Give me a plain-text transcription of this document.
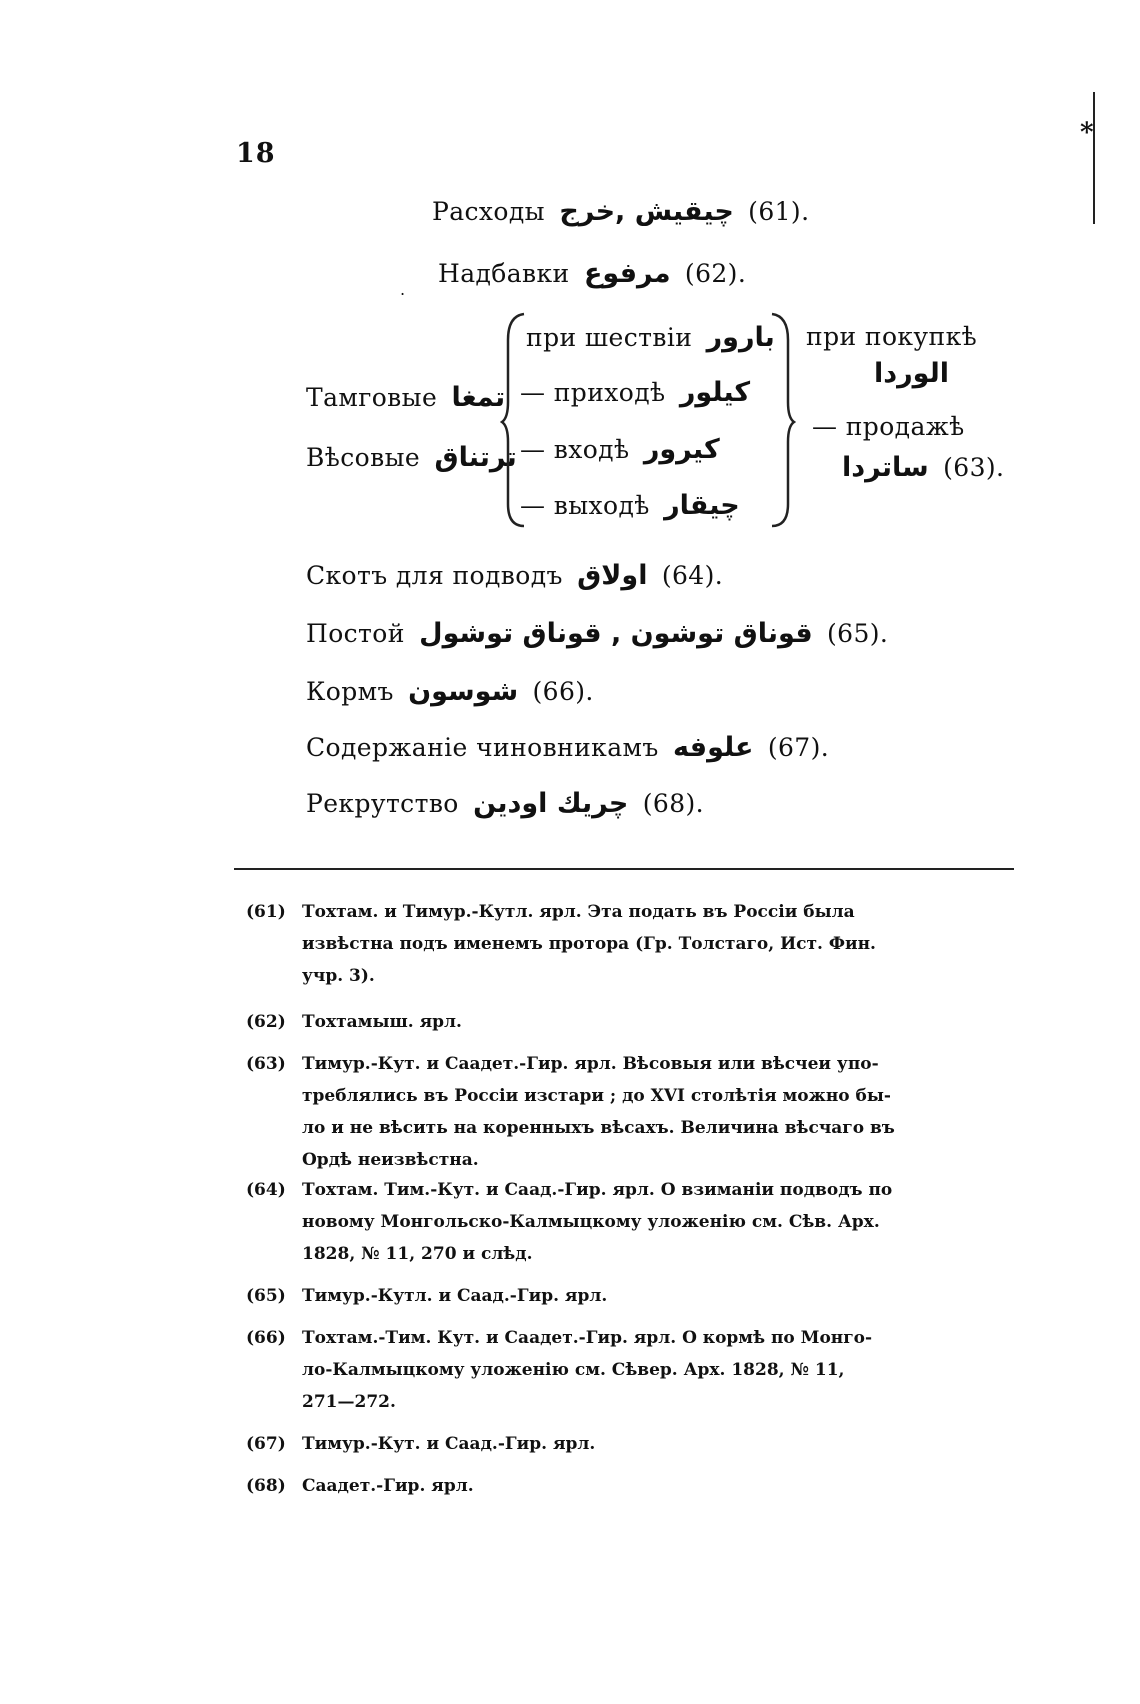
18
*
Расходы چيقيش ,خرج (61).
.
Надбавки مرفوع (62).
Тамговые تمغا
Вѣсовые ترتناق
при шествіи بارور
— приходѣ كيلور
— входѣ كيرور
— выходѣ چيقار
при покупкѣ
الوردا
— продажѣ
ساتردا (63).
Скотъ для подводъ اولاق (64).
Постой قوناق توشون , قوناق توشول (65).
Кормъ شوسون (66).
Содержаніе чиновникамъ علوفه (67).
Рекрутство چريك اودين (68).
(61) Тохтам. и Тимур.-Кутл. ярл. Эта подать въ Россіи была
извѣстна подъ именемъ протора (Гр. Толстаго, Ист. Фин.
учр. 3).
(62) Тохтамыш. ярл.
(63) Тимур.-Кут. и Саадет.-Гир. ярл. Вѣсовыя или вѣсчеи упо-
треблялись въ Россіи изстари ; до XVI столѣтія можно бы-
ло и не вѣсить на коренныхъ вѣсахъ. Величина вѣсчаго въ
Ордѣ неизвѣстна.
(64) Тохтам. Тим.-Кут. и Саад.-Гир. ярл. О взиманіи подводъ по
новому Монгольско-Калмыцкому уложенію см. Сѣв. Арх.
1828, № 11, 270 и слѣд.
(65) Тимур.-Кутл. и Саад.-Гир. ярл.
(66) Тохтам.-Тим. Кут. и Саадет.-Гир. ярл. О кормѣ по Монго-
ло-Калмыцкому уложенію см. Сѣвер. Арх. 1828, № 11,
271—272.
(67) Тимур.-Кут. и Саад.-Гир. ярл.
(68) Саадет.-Гир. ярл.
